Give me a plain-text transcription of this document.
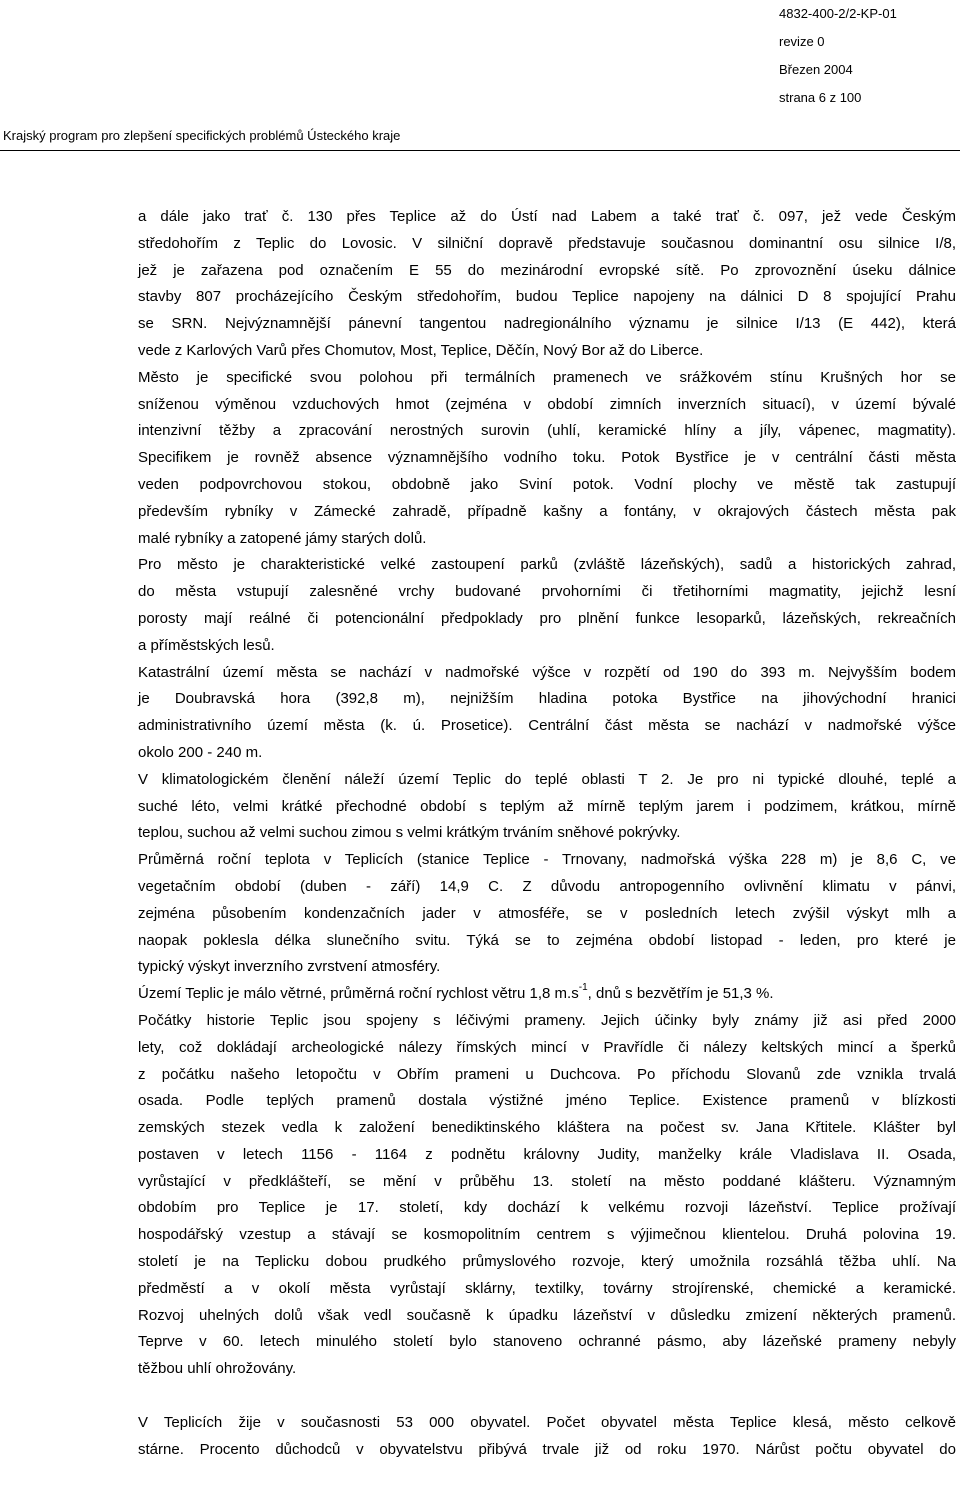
4832-400-2/2-KP-01
revize 0
Březen 2004
strana 6 z 100
Krajský program pro zlepšení specifických problémů Ústeckého kraje
a dále jako trať č. 130 přes Teplice až do Ústí nad Labem a také trať č. 097, jež vede Českým
středohořím z Teplic do Lovosic. V silniční dopravě představuje současnou dominantní osu silnice I/8,
jež je zařazena pod označením E 55 do mezinárodní evropské sítě. Po zprovoznění úseku dálnice
stavby 807 procházejícího Českým středohořím, budou Teplice napojeny na dálnici D 8 spojující Prahu
se SRN. Nejvýznamnější pánevní tangentou nadregionálního významu je silnice I/13 (E 442), která
vede z Karlových Varů přes Chomutov, Most, Teplice, Děčín, Nový Bor až do Liberce.
Město je specifické svou polohou při termálních pramenech ve srážkovém stínu Krušných hor se
sníženou výměnou vzduchových hmot (zejména v období zimních inverzních situací), v území bývalé
intenzivní těžby a zpracování nerostných surovin (uhlí, keramické hlíny a jíly, vápenec, magmatity).
Specifikem je rovněž absence významnějšího vodního toku. Potok Bystřice je v centrální části města
veden podpovrchovou stokou, obdobně jako Sviní potok. Vodní plochy ve městě tak zastupují
především rybníky v Zámecké zahradě, případně kašny a fontány, v okrajových částech města pak
malé rybníky a zatopené jámy starých dolů.
Pro město je charakteristické velké zastoupení parků (zvláště lázeňských), sadů a historických zahrad,
do města vstupují zalesněné vrchy budované prvohorními či třetihorními magmatity, jejichž lesní
porosty mají reálné či potencionální předpoklady pro plnění funkce lesoparků, lázeňských, rekreačních
a příměstských lesů.
Katastrální území města se nachází v nadmořské výšce v rozpětí od 190 do 393 m. Nejvyšším bodem
je Doubravská hora (392,8 m), nejnižším hladina potoka Bystřice na jihovýchodní hranici
administrativního území města (k. ú. Prosetice). Centrální část města se nachází v nadmořské výšce
okolo 200 - 240 m.
V klimatologickém členění náleží území Teplic do teplé oblasti T 2. Je pro ni typické dlouhé, teplé a
suché léto, velmi krátké přechodné období s teplým až mírně teplým jarem i podzimem, krátkou, mírně
teplou, suchou až velmi suchou zimou s velmi krátkým trváním sněhové pokrývky.
Průměrná roční teplota v Teplicích (stanice Teplice - Trnovany, nadmořská výška 228 m) je 8,6 C, ve
vegetačním období (duben - září) 14,9 C. Z důvodu antropogenního ovlivnění klimatu v pánvi,
zejména působením kondenzačních jader v atmosféře, se v posledních letech zvýšil výskyt mlh a
naopak poklesla délka slunečního svitu. Týká se to zejména období listopad - leden, pro které je
typický výskyt inverzního zvrstvení atmosféry.
Území Teplic je málo větrné, průměrná roční rychlost větru 1,8 $m.s^{-1}$, dnů s bezvětřím je 51,3 %.
Počátky historie Teplic jsou spojeny s léčivými prameny. Jejich účinky byly známy již asi před 2000
lety, což dokládají archeologické nálezy římských mincí v Pravřídle či nálezy keltských mincí a šperků
z počátku našeho letopočtu v Obřím prameni u Duchcova. Po příchodu Slovanů zde vznikla trvalá
osada. Podle teplých pramenů dostala výstižné jméno Teplice. Existence pramenů v blízkosti
zemských stezek vedla k založení benediktinského kláštera na počest sv. Jana Křtitele. Klášter byl
postaven v letech 1156 - 1164 z podnětu královny Judity, manželky krále Vladislava II. Osada,
vyrůstající v předklášteří, se mění v průběhu 13. století na město poddané klášteru. Významným
obdobím pro Teplice je 17. století, kdy dochází k velkému rozvoji lázeňství. Teplice prožívají
hospodářský vzestup a stávají se kosmopolitním centrem s výjimečnou klientelou. Druhá polovina 19.
století je na Teplicku dobou prudkého průmyslového rozvoje, který umožnila rozsáhlá těžba uhlí. Na
předměstí a v okolí města vyrůstají sklárny, textilky, továrny strojírenské, chemické a keramické.
Rozvoj uhelných dolů však vedl současně k úpadku lázeňství v důsledku zmizení některých pramenů.
Teprve v 60. letech minulého století bylo stanoveno ochranné pásmo, aby lázeňské prameny nebyly
těžbou uhlí ohrožovány.
V Teplicích žije v současnosti 53 000 obyvatel. Počet obyvatel města Teplice klesá, město celkově
stárne. Procento důchodců v obyvatelstvu přibývá trvale již od roku 1970. Nárůst počtu obyvatel do
